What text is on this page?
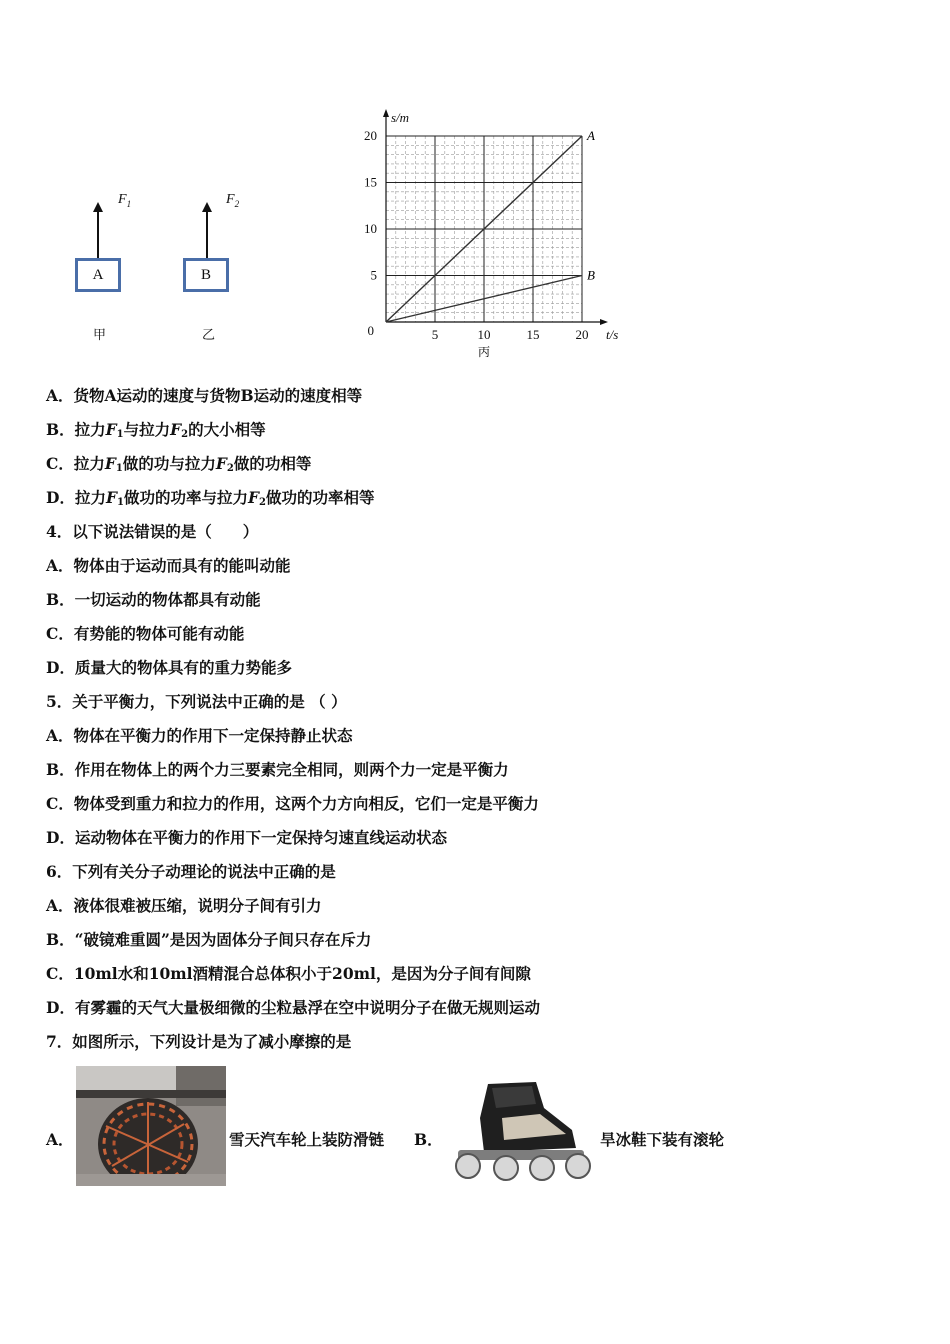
A	B
$F_1$	$F_2$
甲	乙
A
B
5	10	15	20
5
10
15
20
0	t/s
s/m
丙
A．货物A运动的速度与货物B运动的速度相等
B．拉力$F_1$与拉力$F_2$的大小相等
C．拉力$F_1$做的功与拉力$F_2$做的功相等
D．拉力$F_1$做功的功率与拉力$F_2$做功的功率相等
4．以下说法错误的是（　　）
A．物体由于运动而具有的能叫动能
B．一切运动的物体都具有动能
C．有势能的物体可能有动能
D．质量大的物体具有的重力势能多
5．关于平衡力，下列说法中正确的是 （ ）
A．物体在平衡力的作用下一定保持静止状态
B．作用在物体上的两个力三要素完全相同，则两个力一定是平衡力
C．物体受到重力和拉力的作用，这两个力方向相反，它们一定是平衡力
D．运动物体在平衡力的作用下一定保持匀速直线运动状态
6．下列有关分子动理论的说法中正确的是
A．液体很难被压缩，说明分子间有引力
B．“破镜难重圆”是因为固体分子间只存在斥力
C．10ml水和10ml酒精混合总体积小于20ml，是因为分子间有间隙
D．有雾霾的天气大量极细微的尘粒悬浮在空中说明分子在做无规则运动
7．如图所示，下列设计是为了减小摩擦的是
A．	雪天汽车轮上装防滑链 B．	旱冰鞋下装有滚轮
